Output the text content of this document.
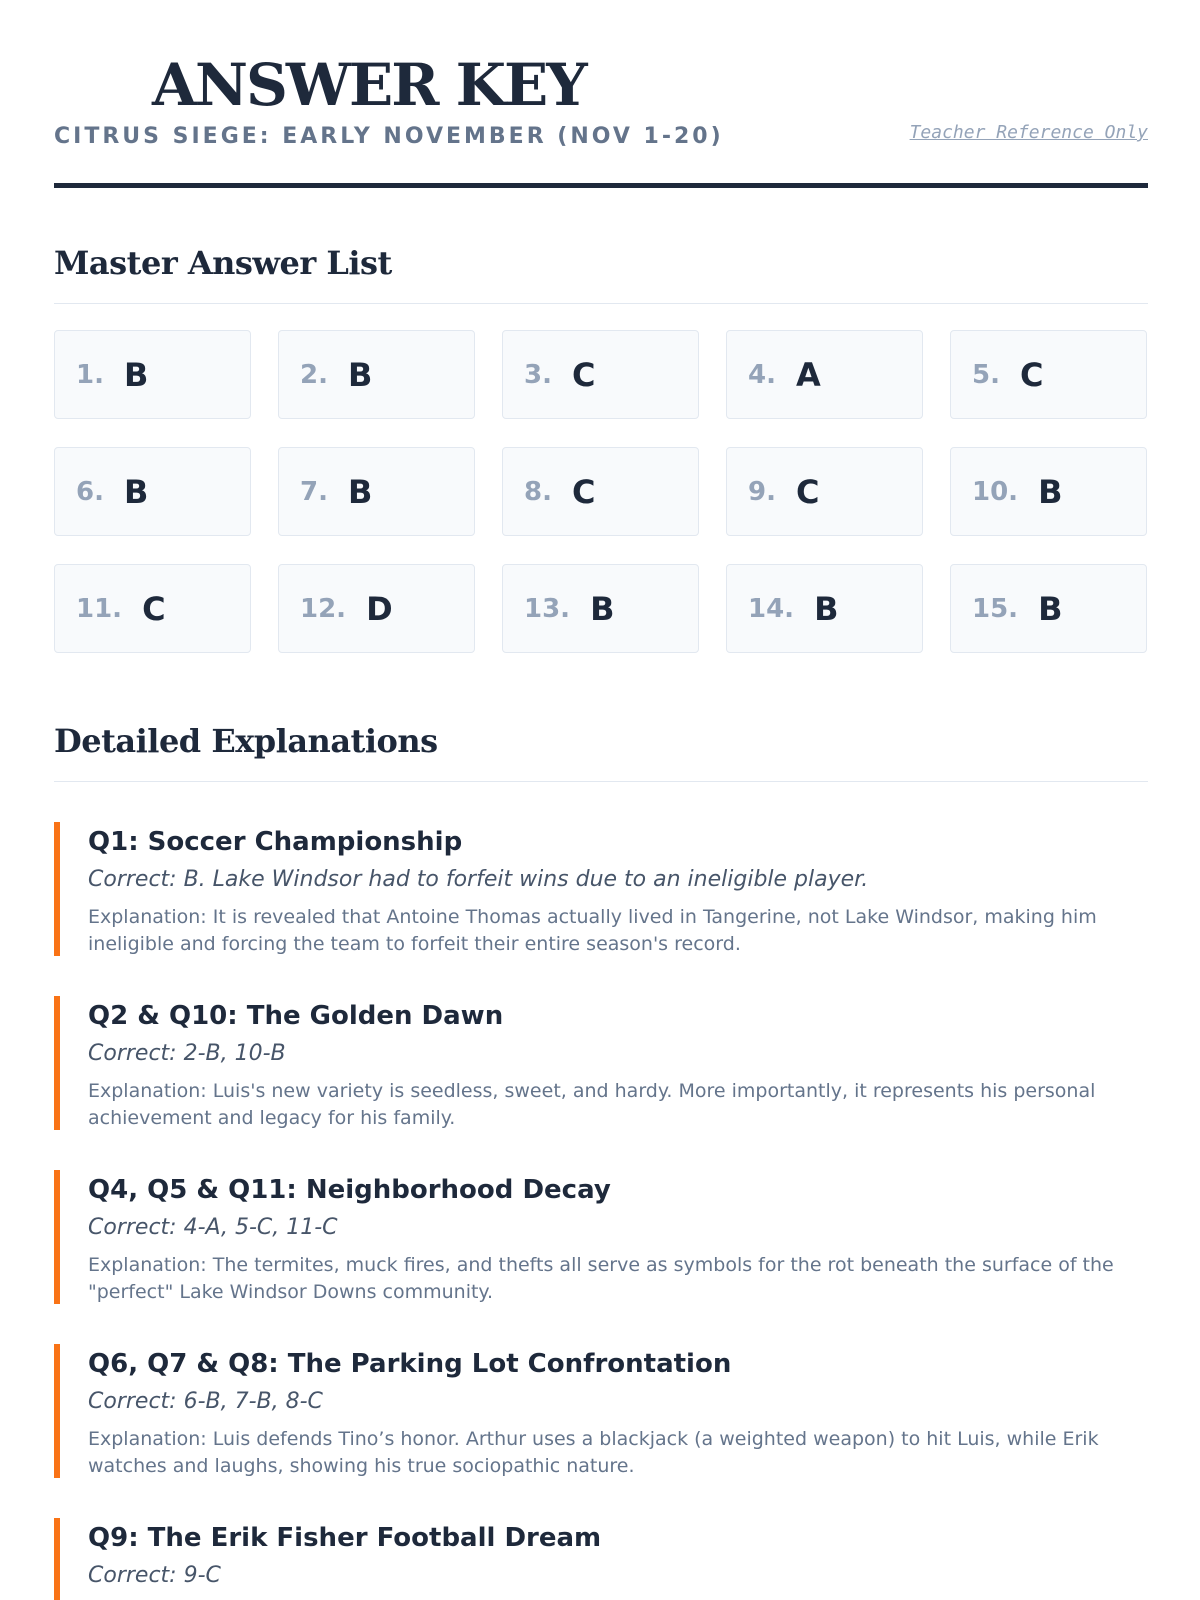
ANSWER KEY
CITRUS SIEGE: EARLY NOVEMBER (NOV 1-20)	Teacher Reference Only
Master Answer List
1. B	2. B	3. C	4. A	5. C
6. B	7. B	8. C	9. C	10. B
11. C	12. D	13. B	14. B	15. B
Detailed Explanations
Q1: Soccer Championship
Correct: B. Lake Windsor had to forfeit wins due to an ineligible player.
Explanation: It is revealed that Antoine Thomas actually lived in Tangerine, not Lake Windsor, making him ineligible and forcing the team to forfeit their entire season's record.
Q2 & Q10: The Golden Dawn
Correct: 2-B, 10-B
Explanation: Luis's new variety is seedless, sweet, and hardy. More importantly, it represents his personal achievement and legacy for his family.
Q4, Q5 & Q11: Neighborhood Decay
Correct: 4-A, 5-C, 11-C
Explanation: The termites, muck fires, and thefts all serve as symbols for the rot beneath the surface of the "perfect" Lake Windsor Downs community.
Q6, Q7 & Q8: The Parking Lot Confrontation
Correct: 6-B, 7-B, 8-C
Explanation: Luis defends Tino’s honor. Arthur uses a blackjack (a weighted weapon) to hit Luis, while Erik watches and laughs, showing his true sociopathic nature.
Q9: The Erik Fisher Football Dream
Correct: 9-C
